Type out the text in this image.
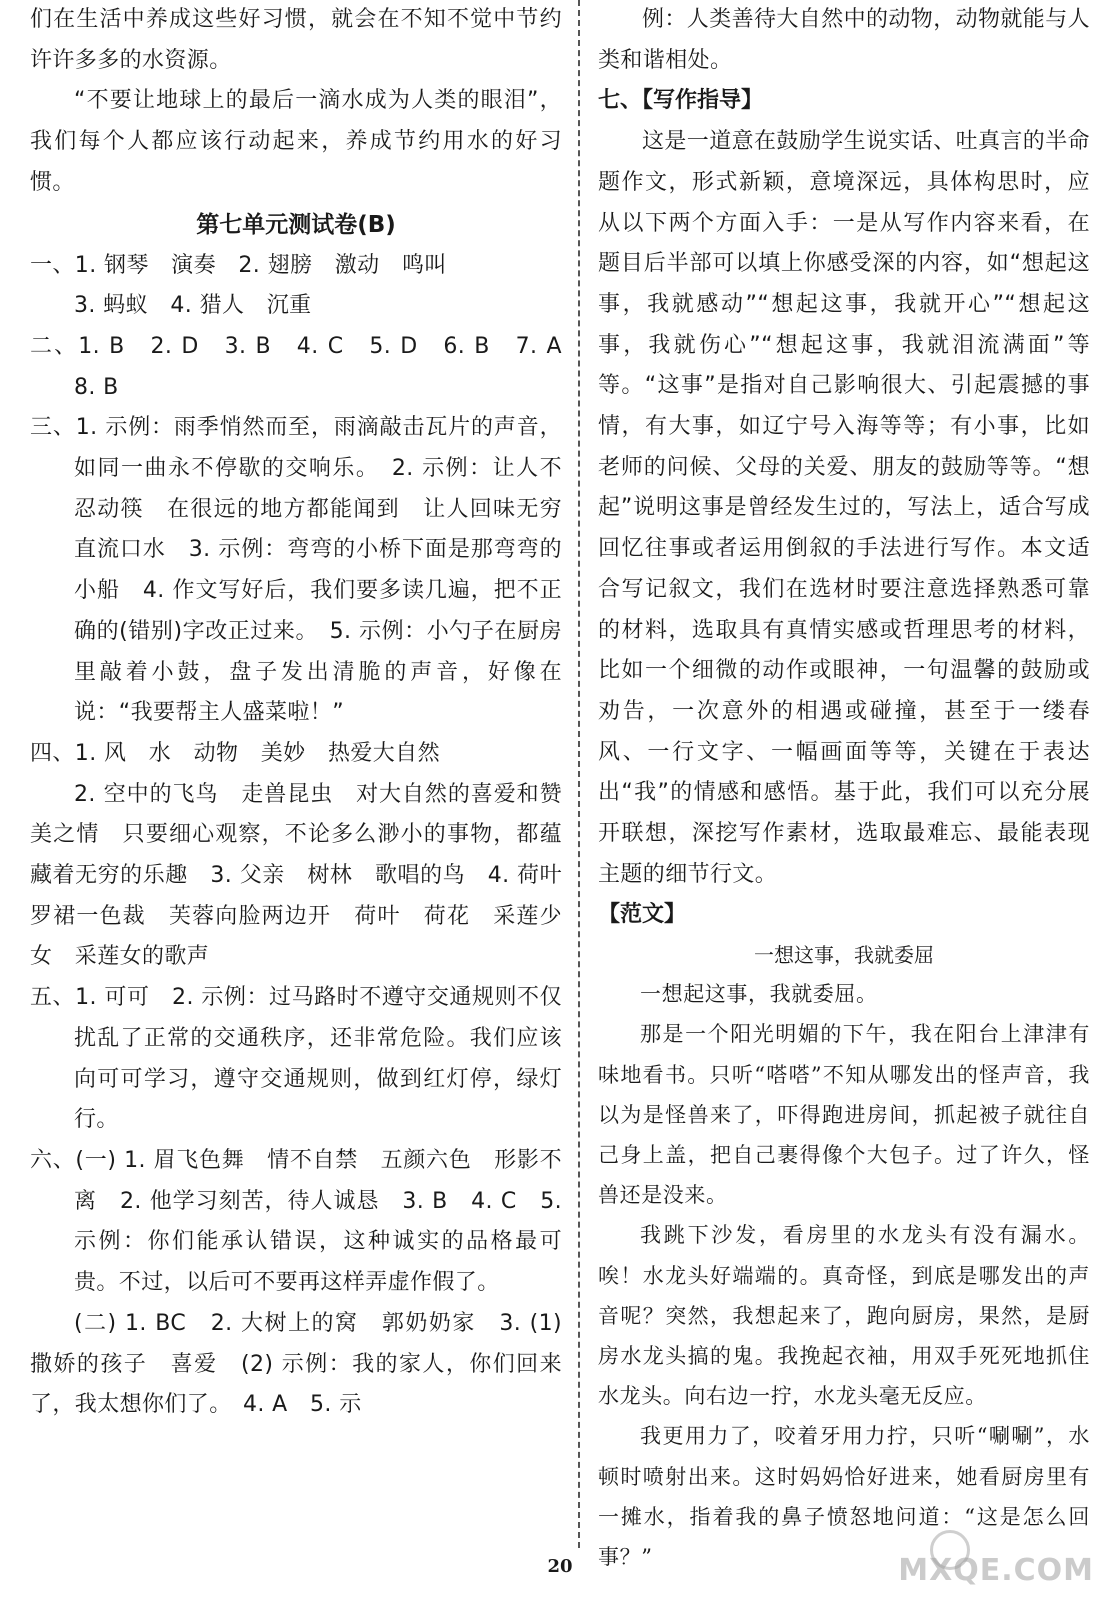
们在生活中养成这些好习惯，就会在不知不觉中节约许许多多的水资源。

“不要让地球上的最后一滴水成为人类的眼泪”，我们每个人都应该行动起来，养成节约用水的好习惯。

第七单元测试卷(B)

一、1. 钢琴　演奏　2. 翅膀　激动　鸣叫

3. 蚂蚁　4. 猎人　沉重

二、1. B　2. D　3. B　4. C　5. D　6. B　7. A　8. B

三、1. 示例：雨季悄然而至，雨滴敲击瓦片的声音，如同一曲永不停歇的交响乐。　2. 示例：让人不忍动筷　在很远的地方都能闻到　让人回味无穷　直流口水　3. 示例：弯弯的小桥下面是那弯弯的小船　4. 作文写好后，我们要多读几遍，把不正确的(错别)字改正过来。　5. 示例：小勺子在厨房里敲着小鼓，盘子发出清脆的声音，好像在说：“我要帮主人盛菜啦！”

四、1. 风　水　动物　美妙　热爱大自然

2. 空中的飞鸟　走兽昆虫　对大自然的喜爱和赞美之情　只要细心观察，不论多么渺小的事物，都蕴藏着无穷的乐趣　3. 父亲　树林　歌唱的鸟　4. 荷叶罗裙一色裁　芙蓉向脸两边开　荷叶　荷花　采莲少女　采莲女的歌声

五、1. 可可　2. 示例：过马路时不遵守交通规则不仅扰乱了正常的交通秩序，还非常危险。我们应该向可可学习，遵守交通规则，做到红灯停，绿灯行。

六、(一) 1. 眉飞色舞　情不自禁　五颜六色　形影不离　2. 他学习刻苦，待人诚恳　3. B　4. C　5. 示例：你们能承认错误，这种诚实的品格最可贵。不过，以后可不要再这样弄虚作假了。

(二) 1. BC　2. 大树上的窝　郭奶奶家　3. (1) 撒娇的孩子　喜爱　(2) 示例：我的家人，你们回来了，我太想你们了。　4. A　5. 示

例：人类善待大自然中的动物，动物就能与人类和谐相处。

七、【写作指导】

这是一道意在鼓励学生说实话、吐真言的半命题作文，形式新颖，意境深远，具体构思时，应从以下两个方面入手：一是从写作内容来看，在题目后半部可以填上你感受深的内容，如“想起这事，我就感动”“想起这事，我就开心”“想起这事，我就伤心”“想起这事，我就泪流满面”等等。“这事”是指对自己影响很大、引起震撼的事情，有大事，如辽宁号入海等等；有小事，比如老师的问候、父母的关爱、朋友的鼓励等等。“想起”说明这事是曾经发生过的，写法上，适合写成回忆往事或者运用倒叙的手法进行写作。本文适合写记叙文，我们在选材时要注意选择熟悉可靠的材料，选取具有真情实感或哲理思考的材料，比如一个细微的动作或眼神，一句温馨的鼓励或劝告，一次意外的相遇或碰撞，甚至于一缕春风、一行文字、一幅画面等等，关键在于表达出“我”的情感和感悟。基于此，我们可以充分展开联想，深挖写作素材，选取最难忘、最能表现主题的细节行文。

【范文】

一想这事，我就委屈

一想起这事，我就委屈。

那是一个阳光明媚的下午，我在阳台上津津有味地看书。只听“嗒嗒”不知从哪发出的怪声音，我以为是怪兽来了，吓得跑进房间，抓起被子就往自己身上盖，把自己裹得像个大包子。过了许久，怪兽还是没来。

我跳下沙发，看房里的水龙头有没有漏水。唉！水龙头好端端的。真奇怪，到底是哪发出的声音呢？突然，我想起来了，跑向厨房，果然，是厨房水龙头搞的鬼。我挽起衣袖，用双手死死地抓住水龙头。向右边一拧，水龙头毫无反应。

我更用力了，咬着牙用力拧，只听“唰唰”，水顿时喷射出来。这时妈妈恰好进来，她看厨房里有一摊水，指着我的鼻子愤怒地问道：“这是怎么回事？”

20	MXQE.COM
